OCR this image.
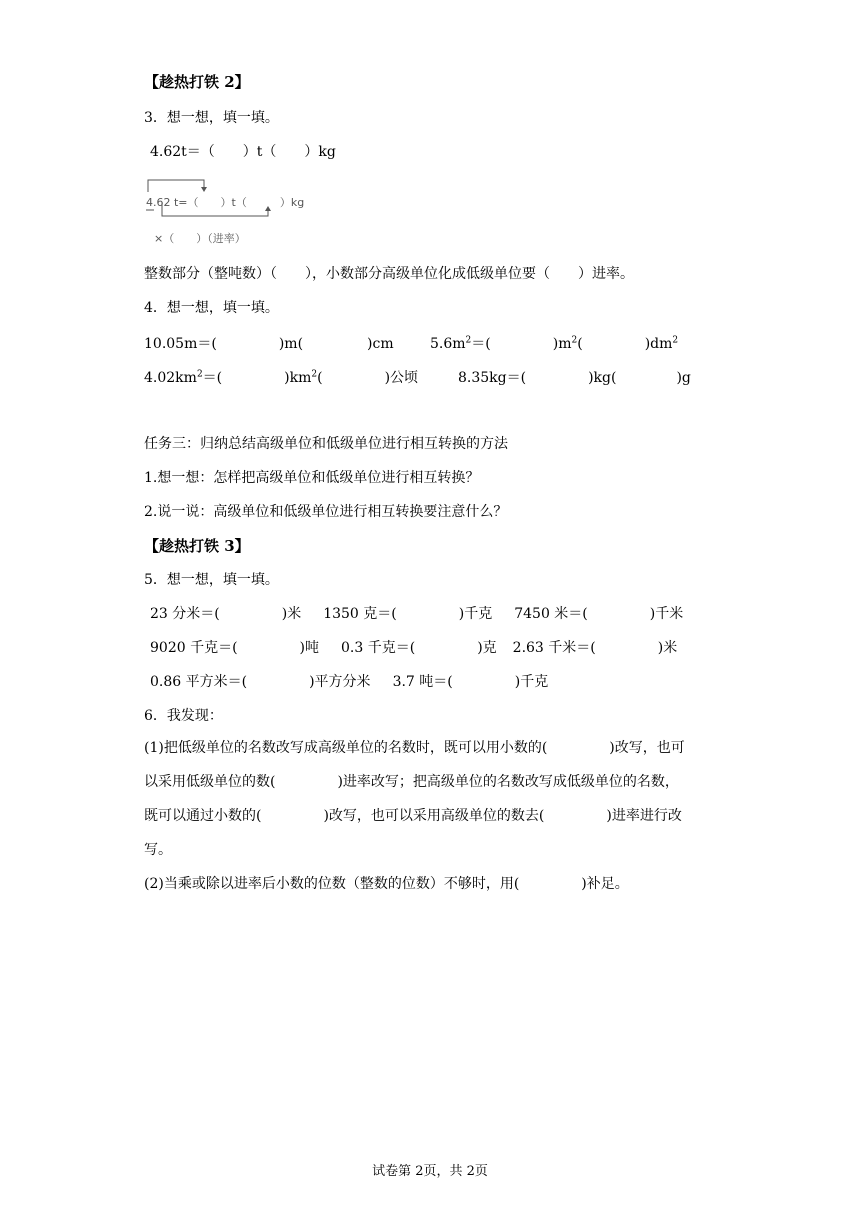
【趁热打铁 2】
3．想一想，填一填。
4.62t＝（　　）t（　　）kg
4.62 t=（　　）t（　　　）kg
×（　　）（进率）
整数部分（整吨数）（　　），小数部分高级单位化成低级单位要（　　）进率。
4．想一想，填一填。
10.05m＝(	)m(	)cm	$5.6m^2=$(	)$m^2$(	)$dm^2$
$4.02km^2=$(	)$km^2$(	)公顷	8.35kg＝(	)kg(	)g
任务三：归纳总结高级单位和低级单位进行相互转换的方法
1.想一想：怎样把高级单位和低级单位进行相互转换？
2.说一说：高级单位和低级单位进行相互转换要注意什么？
【趁热打铁 3】
5．想一想，填一填。
23 分米＝(	)米 1350 克＝(	)千克 7450 米＝(	)千米
9020 千克＝(	)吨 0.3 千克＝(	)克 2.63 千米＝(	)米
0.86 平方米＝(	)平方分米 3.7 吨＝(	)千克
6．我发现：
(1)把低级单位的名数改写成高级单位的名数时，既可以用小数的(	)改写，也可
以采用低级单位的数(	)进率改写；把高级单位的名数改写成低级单位的名数，
既可以通过小数的(	)改写，也可以采用高级单位的数去(	)进率进行改
写。
(2)当乘或除以进率后小数的位数（整数的位数）不够时，用(	)补足。
试卷第 2页，共 2页
